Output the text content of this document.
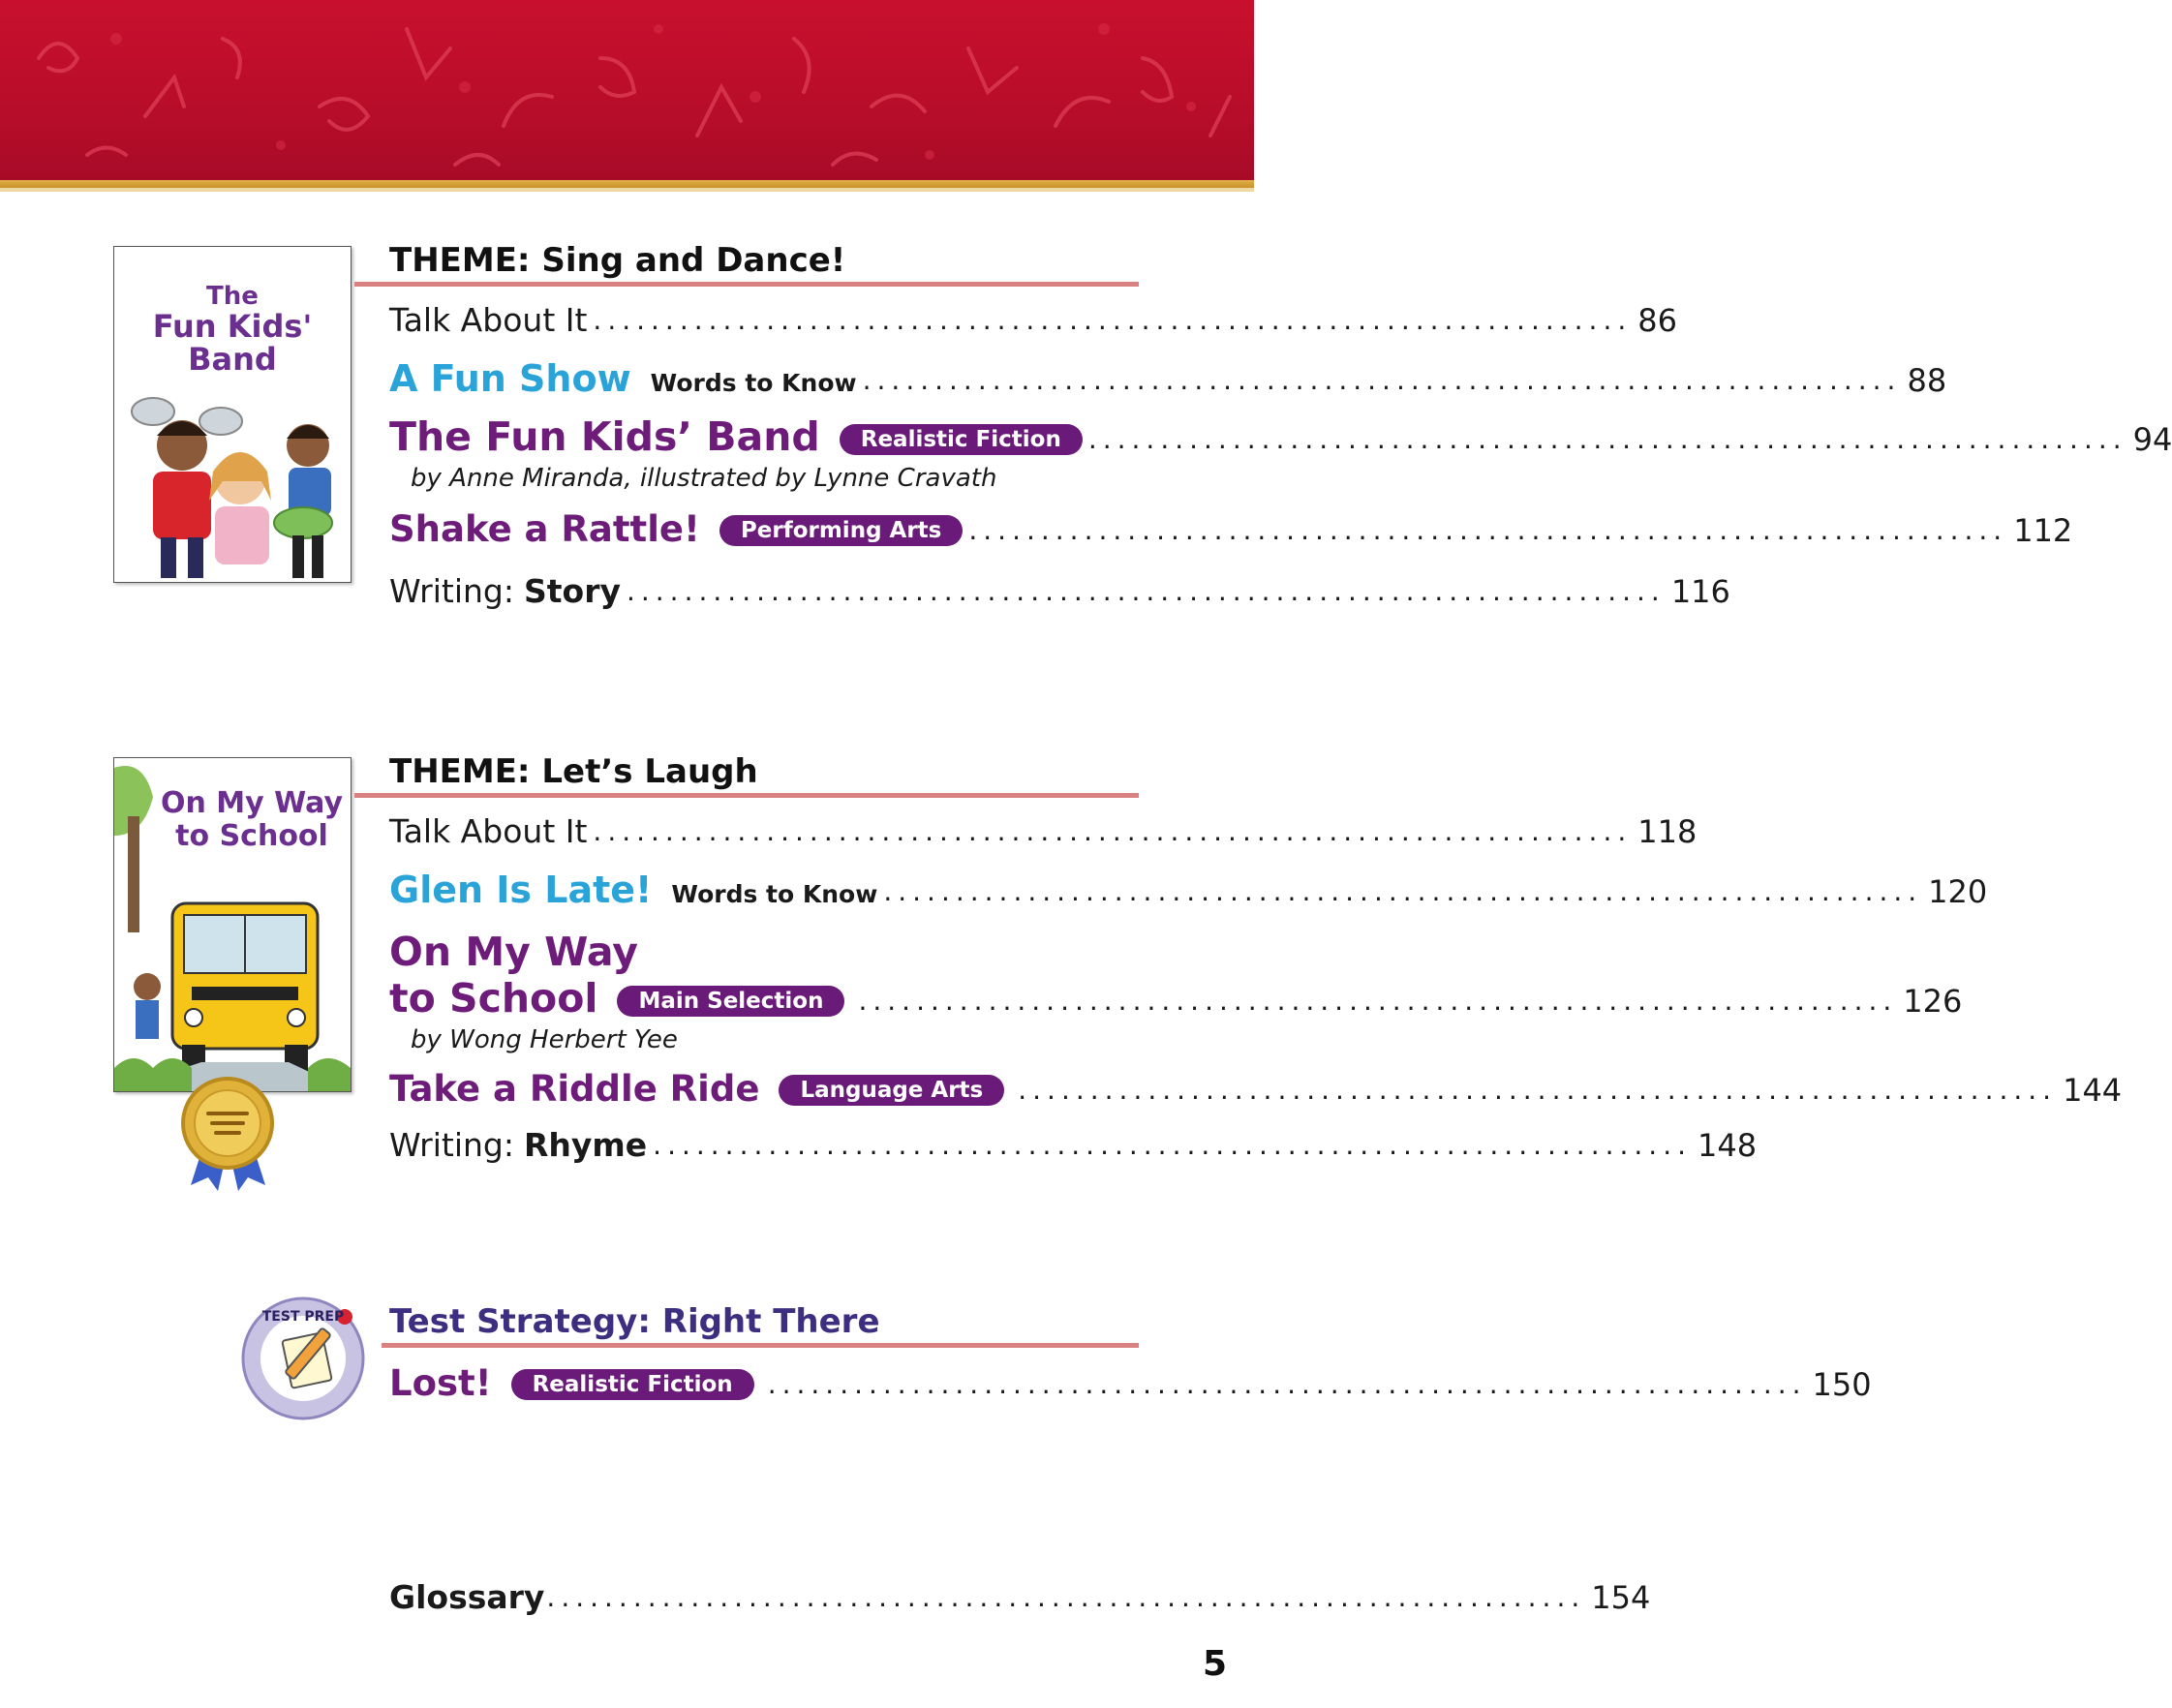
The
Fun Kids'
Band
THEME: Sing and Dance!
Talk About It ........................................................................ 86
A Fun Show Words to Know ........................................................................ 88
The Fun Kids’ Band	Realistic Fiction	........................................................................ 94
by Anne Miranda, illustrated by Lynne Cravath
Shake a Rattle!	Performing Arts	........................................................................ 112
Writing: Story ........................................................................ 116
On My Way
to School
THEME: Let’s Laugh
Talk About It ........................................................................ 118
Glen Is Late! Words to Know ........................................................................ 120
On My Way
to School	Main Selection	........................................................................ 126
by Wong Herbert Yee
Take a Riddle Ride	Language Arts	........................................................................ 144
Writing: Rhyme ........................................................................ 148
TEST PREP Test Strategy: Right There
Lost!	Realistic Fiction	........................................................................ 150
Glossary ........................................................................ 154
5
